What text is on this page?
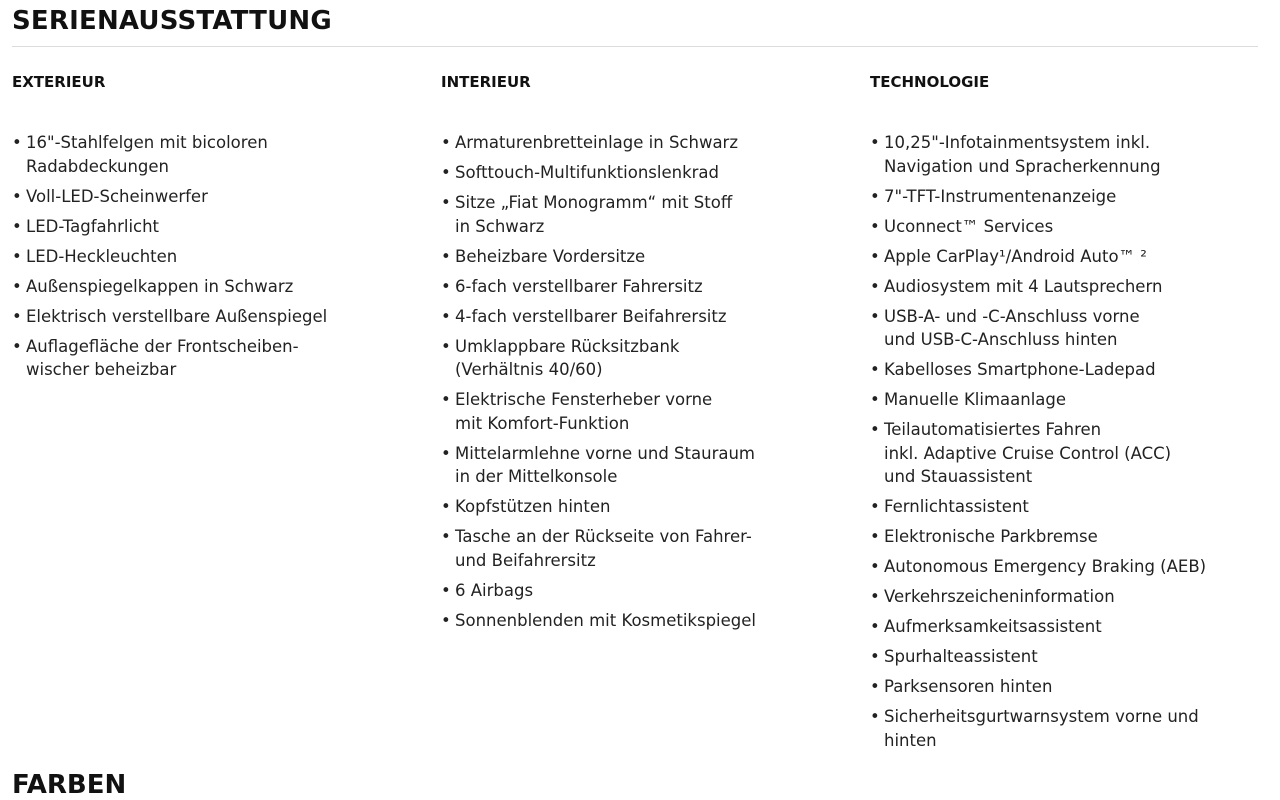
SERIENAUSSTATTUNG
EXTERIEUR
• 16"-Stahlfelgen mit bicoloren
Radabdeckungen
• Voll-LED-Scheinwerfer
• LED-Tagfahrlicht
• LED-Heckleuchten
• Außenspiegelkappen in Schwarz
• Elektrisch verstellbare Außenspiegel
• Auflagefläche der Frontscheiben-
wischer beheizbar
INTERIEUR
• Armaturenbretteinlage in Schwarz
• Softtouch-Multifunktionslenkrad
• Sitze „Fiat Monogramm“ mit Stoff
in Schwarz
• Beheizbare Vordersitze
• 6-fach verstellbarer Fahrersitz
• 4-fach verstellbarer Beifahrersitz
• Umklappbare Rücksitzbank
(Verhältnis 40/60)
• Elektrische Fensterheber vorne
mit Komfort-Funktion
• Mittelarmlehne vorne und Stauraum
in der Mittelkonsole
• Kopfstützen hinten
• Tasche an der Rückseite von Fahrer-
und Beifahrersitz
• 6 Airbags
• Sonnenblenden mit Kosmetikspiegel
TECHNOLOGIE
• 10,25"-Infotainmentsystem inkl.
Navigation und Spracherkennung
• 7"-TFT-Instrumentenanzeige
• Uconnect™ Services
• Apple CarPlay¹/Android Auto™ ²
• Audiosystem mit 4 Lautsprechern
• USB-A- und -C-Anschluss vorne
und USB-C-Anschluss hinten
• Kabelloses Smartphone-Ladepad
• Manuelle Klimaanlage
• Teilautomatisiertes Fahren
inkl. Adaptive Cruise Control (ACC)
und Stauassistent
• Fernlichtassistent
• Elektronische Parkbremse
• Autonomous Emergency Braking (AEB)
• Verkehrszeicheninformation
• Aufmerksamkeitsassistent
• Spurhalteassistent
• Parksensoren hinten
• Sicherheitsgurtwarnsystem vorne und
hinten
FARBEN
